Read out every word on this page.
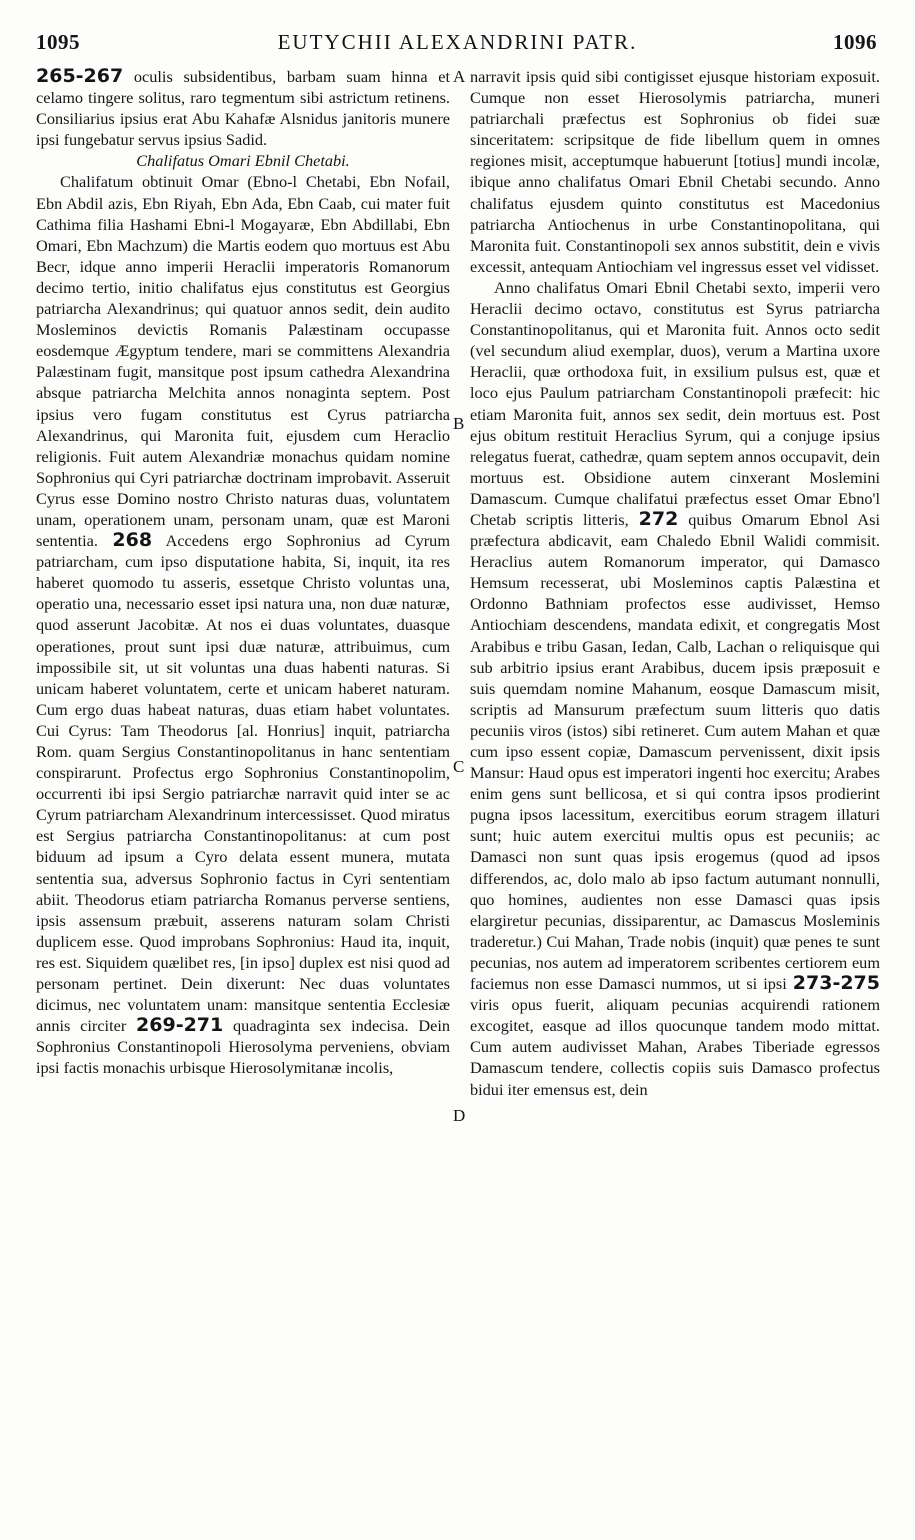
1095	EUTYCHII ALEXANDRINI PATR.	1096

265-267 oculis subsidentibus, barbam suam hinna et celamo tingere solitus, raro tegmentum sibi astrictum retinens. Consiliarius ipsius erat Abu Kahafæ Alsnidus janitoris munere ipsi fungebatur servus ipsius Sadid.

Chalifatus Omari Ebnil Chetabi.

Chalifatum obtinuit Omar (Ebno-l Chetabi, Ebn Nofail, Ebn Abdil azis, Ebn Riyah, Ebn Ada, Ebn Caab, cui mater fuit Cathima filia Hashami Ebni-l Mogayaræ, Ebn Abdillabi, Ebn Omari, Ebn Machzum) die Martis eodem quo mortuus est Abu Becr, idque anno imperii Heraclii imperatoris Romanorum decimo tertio, initio chalifatus ejus constitutus est Georgius patriarcha Alexandrinus; qui quatuor annos sedit, dein audito Mosleminos devictis Romanis Palæstinam occupasse eosdemque Ægyptum tendere, mari se committens Alexandria Palæstinam fugit, mansitque post ipsum cathedra Alexandrina absque patriarcha Melchita annos nonaginta septem. Post ipsius vero fugam constitutus est Cyrus patriarcha Alexandrinus, qui Maronita fuit, ejusdem cum Heraclio religionis. Fuit autem Alexandriæ monachus quidam nomine Sophronius qui Cyri patriarchæ doctrinam improbavit. Asseruit Cyrus esse Domino nostro Christo naturas duas, voluntatem unam, operationem unam, personam unam, quæ est Maroni sententia. 268 Accedens ergo Sophronius ad Cyrum patriarcham, cum ipso disputatione habita, Si, inquit, ita res haberet quomodo tu asseris, essetque Christo voluntas una, operatio una, necessario esset ipsi natura una, non duæ naturæ, quod asserunt Jacobitæ. At nos ei duas voluntates, duasque operationes, prout sunt ipsi duæ naturæ, attribuimus, cum impossibile sit, ut sit voluntas una duas habenti naturas. Si unicam haberet voluntatem, certe et unicam haberet naturam. Cum ergo duas habeat naturas, duas etiam habet voluntates. Cui Cyrus: Tam Theodorus [al. Honrius] inquit, patriarcha Rom. quam Sergius Constantinopolitanus in hanc sententiam conspirarunt. Profectus ergo Sophronius Constantinopolim, occurrenti ibi ipsi Sergio patriarchæ narravit quid inter se ac Cyrum patriarcham Alexandrinum intercessisset. Quod miratus est Sergius patriarcha Constantinopolitanus: at cum post biduum ad ipsum a Cyro delata essent munera, mutata sententia sua, adversus Sophronio factus in Cyri sententiam abiit. Theodorus etiam patriarcha Romanus perverse sentiens, ipsis assensum præbuit, asserens naturam solam Christi duplicem esse. Quod improbans Sophronius: Haud ita, inquit, res est. Siquidem quælibet res, [in ipso] duplex est nisi quod ad personam pertinet. Dein dixerunt: Nec duas voluntates dicimus, nec voluntatem unam: mansitque sententia Ecclesiæ annis circiter 269-271 quadraginta sex indecisa. Dein Sophronius Constantinopoli Hierosolyma perveniens, obviam ipsi factis monachis urbisque Hierosolymitanæ incolis,

A
B
C
D

narravit ipsis quid sibi contigisset ejusque historiam exposuit. Cumque non esset Hierosolymis patriarcha, muneri patriarchali præfectus est Sophronius ob fidei suæ sinceritatem: scripsitque de fide libellum quem in omnes regiones misit, acceptumque habuerunt [totius] mundi incolæ, ibique anno chalifatus Omari Ebnil Chetabi secundo. Anno chalifatus ejusdem quinto constitutus est Macedonius patriarcha Antiochenus in urbe Constantinopolitana, qui Maronita fuit. Constantinopoli sex annos substitit, dein e vivis excessit, antequam Antiochiam vel ingressus esset vel vidisset.

Anno chalifatus Omari Ebnil Chetabi sexto, imperii vero Heraclii decimo octavo, constitutus est Syrus patriarcha Constantinopolitanus, qui et Maronita fuit. Annos octo sedit (vel secundum aliud exemplar, duos), verum a Martina uxore Heraclii, quæ orthodoxa fuit, in exsilium pulsus est, quæ et loco ejus Paulum patriarcham Constantinopoli præfecit: hic etiam Maronita fuit, annos sex sedit, dein mortuus est. Post ejus obitum restituit Heraclius Syrum, qui a conjuge ipsius relegatus fuerat, cathedræ, quam septem annos occupavit, dein mortuus est. Obsidione autem cinxerant Moslemini Damascum. Cumque chalifatui præfectus esset Omar Ebno'l Chetab scriptis litteris, 272 quibus Omarum Ebnol Asi præfectura abdicavit, eam Chaledo Ebnil Walidi commisit. Heraclius autem Romanorum imperator, qui Damasco Hemsum recesserat, ubi Mosleminos captis Palæstina et Ordonno Bathniam profectos esse audivisset, Hemso Antiochiam descendens, mandata edixit, et congregatis Most Arabibus e tribu Gasan, Iedan, Calb, Lachan o reliquisque qui sub arbitrio ipsius erant Arabibus, ducem ipsis præposuit e suis quemdam nomine Mahanum, eosque Damascum misit, scriptis ad Mansurum præfectum suum litteris quo datis pecuniis viros (istos) sibi retineret. Cum autem Mahan et quæ cum ipso essent copiæ, Damascum pervenissent, dixit ipsis Mansur: Haud opus est imperatori ingenti hoc exercitu; Arabes enim gens sunt bellicosa, et si qui contra ipsos prodierint pugna ipsos lacessitum, exercitibus eorum stragem illaturi sunt; huic autem exercitui multis opus est pecuniis; ac Damasci non sunt quas ipsis erogemus (quod ad ipsos differendos, ac, dolo malo ab ipso factum autumant nonnulli, quo homines, audientes non esse Damasci quas ipsis elargiretur pecunias, dissiparentur, ac Damascus Mosleminis traderetur.) Cui Mahan, Trade nobis (inquit) quæ penes te sunt pecunias, nos autem ad imperatorem scribentes certiorem eum faciemus non esse Damasci nummos, ut si ipsi 273-275 viris opus fuerit, aliquam pecunias acquirendi rationem excogitet, easque ad illos quocunque tandem modo mittat. Cum autem audivisset Mahan, Arabes Tiberiade egressos Damascum tendere, collectis copiis suis Damasco profectus bidui iter emensus est, dein
